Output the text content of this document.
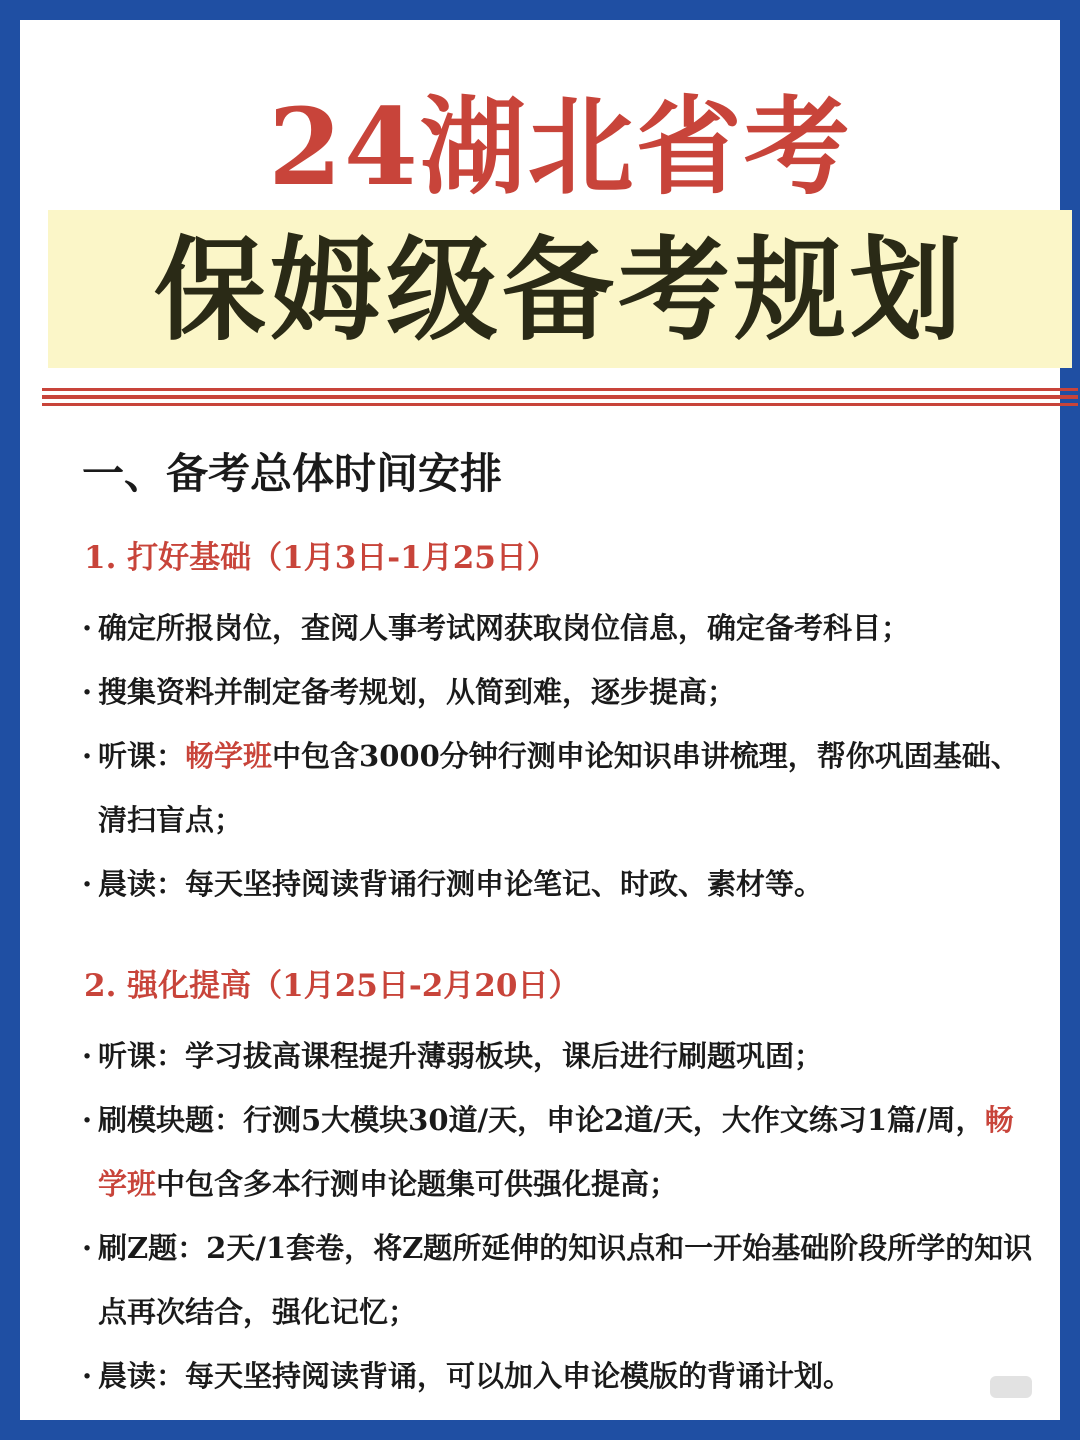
24湖北省考
保姆级备考规划
一、备考总体时间安排
1. 打好基础（1月3日-1月25日）

· 确定所报岗位，查阅人事考试网获取岗位信息，确定备考科目；

· 搜集资料并制定备考规划，从简到难，逐步提高；

· 听课：畅学班中包含3000分钟行测申论知识串讲梳理，帮你巩固基础、清扫盲点；

· 晨读：每天坚持阅读背诵行测申论笔记、时政、素材等。

2. 强化提高（1月25日-2月20日）

· 听课：学习拔高课程提升薄弱板块，课后进行刷题巩固；

· 刷模块题：行测5大模块30道/天，申论2道/天，大作文练习1篇/周，畅学班中包含多本行测申论题集可供强化提高；

· 刷Z题：2天/1套卷，将Z题所延伸的知识点和一开始基础阶段所学的知识点再次结合，强化记忆；

· 晨读：每天坚持阅读背诵，可以加入申论模版的背诵计划。
